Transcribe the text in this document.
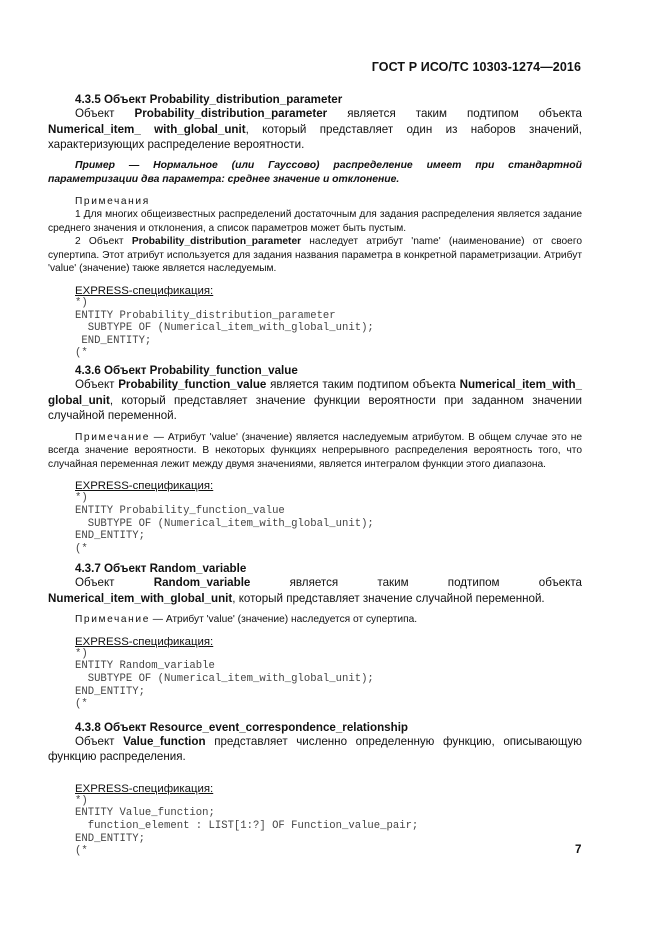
ГОСТ Р ИСО/ТС 10303-1274—2016
4.3.5 Объект Probability_distribution_parameter

Объект Probability_distribution_parameter является таким подтипом объекта Numerical_item_ with_global_unit, который представляет один из наборов значений, характеризующих распределение вероятности.

Пример — Нормальное (или Гауссово) распределение имеет при стандартной параметризации два параметра: среднее значение и отклонение.

Примечания

1 Для многих общеизвестных распределений достаточным для задания распределения является задание среднего значения и отклонения, а список параметров может быть пустым.

2 Объект Probability_distribution_parameter наследует атрибут 'name' (наименование) от своего супертипа. Этот атрибут используется для задания названия параметра в конкретной параметризации. Атрибут 'value' (значение) также является наследуемым.

EXPRESS-спецификация:
*)
ENTITY Probability_distribution_parameter
SUBTYPE OF (Numerical_item_with_global_unit);
END_ENTITY;
(*
4.3.6 Объект Probability_function_value

Объект Probability_function_value является таким подтипом объекта Numerical_item_with_ global_unit, который представляет значение функции вероятности при заданном значении случайной переменной.

Примечание — Атрибут 'value' (значение) является наследуемым атрибутом. В общем случае это не всегда значение вероятности. В некоторых функциях непрерывного распределения вероятность того, что случайная переменная лежит между двумя значениями, является интегралом функции этого диапазона.

EXPRESS-спецификация:
*)
ENTITY Probability_function_value
SUBTYPE OF (Numerical_item_with_global_unit);
END_ENTITY;
(*
4.3.7 Объект Random_variable

Объект Random_variable является таким подтипом объекта Numerical_item_with_global_unit, который представляет значение случайной переменной.

Примечание — Атрибут 'value' (значение) наследуется от супертипа.

EXPRESS-спецификация:
*)
ENTITY Random_variable
SUBTYPE OF (Numerical_item_with_global_unit);
END_ENTITY;
(*
4.3.8 Объект Resource_event_correspondence_relationship

Объект Value_function представляет численно определенную функцию, описывающую функцию распределения.

EXPRESS-спецификация:
*)
ENTITY Value_function;
function_element : LIST[1:?] OF Function_value_pair;
END_ENTITY;
(*	7
